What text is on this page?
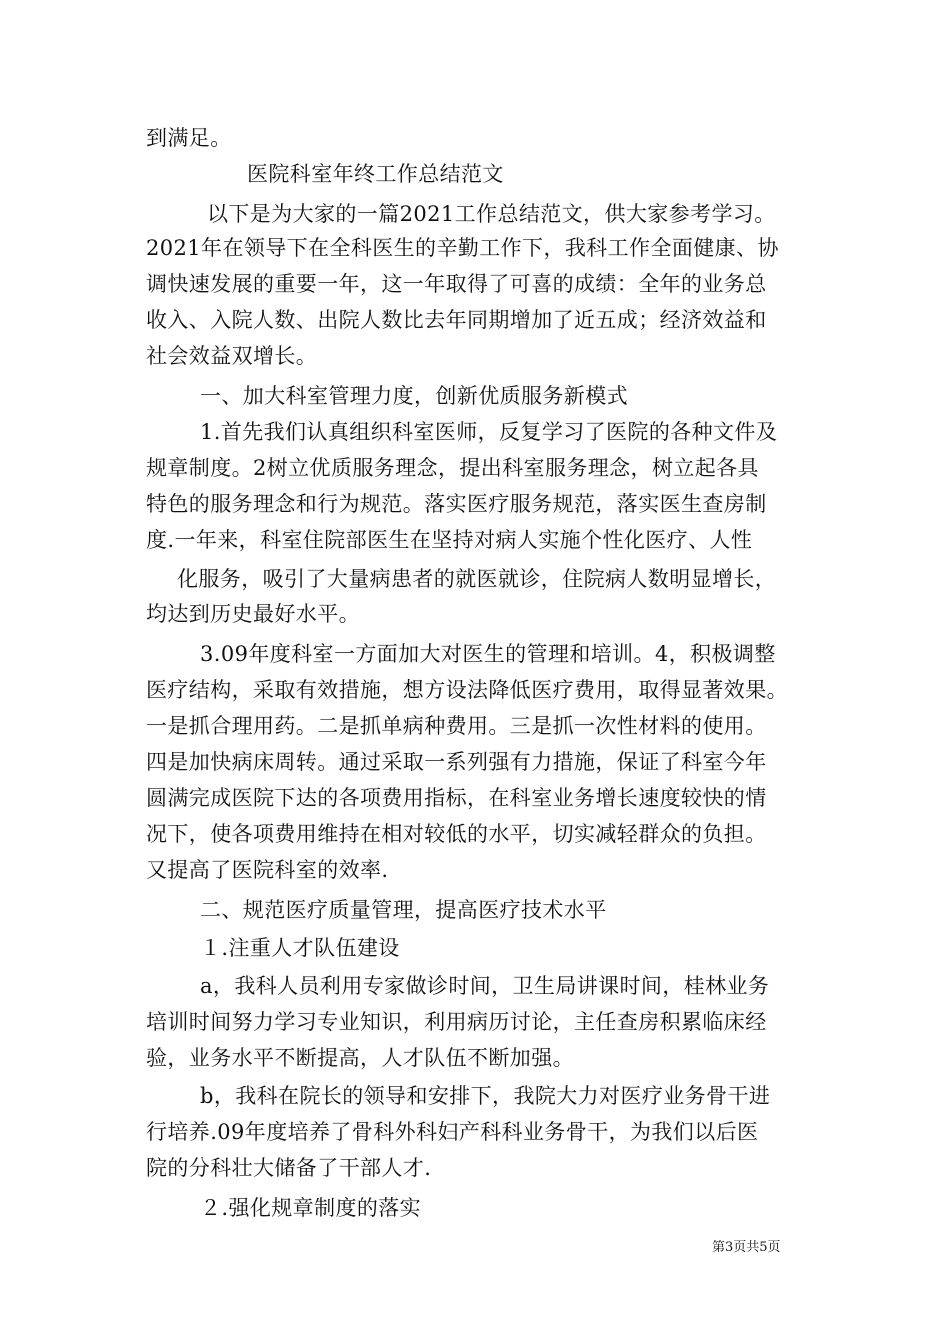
到满足。

医院科室年终工作总结范文

以下是为大家的一篇2021工作总结范文，供大家参考学习。

2021年在领导下在全科医生的辛勤工作下，我科工作全面健康、协

调快速发展的重要一年，这一年取得了可喜的成绩：全年的业务总

收入、入院人数、出院人数比去年同期增加了近五成；经济效益和

社会效益双增长。

一、加大科室管理力度，创新优质服务新模式

1.首先我们认真组织科室医师，反复学习了医院的各种文件及

规章制度。2树立优质服务理念，提出科室服务理念，树立起各具

特色的服务理念和行为规范。落实医疗服务规范，落实医生查房制

度.一年来，科室住院部医生在坚持对病人实施个性化医疗、人性

化服务，吸引了大量病患者的就医就诊，住院病人数明显增长，

均达到历史最好水平。

3.09年度科室一方面加大对医生的管理和培训。4，积极调整

医疗结构，采取有效措施，想方设法降低医疗费用，取得显著效果。

一是抓合理用药。二是抓单病种费用。三是抓一次性材料的使用。

四是加快病床周转。通过采取一系列强有力措施，保证了科室今年

圆满完成医院下达的各项费用指标，在科室业务增长速度较快的情

况下，使各项费用维持在相对较低的水平，切实减轻群众的负担。

又提高了医院科室的效率.

二、规范医疗质量管理，提高医疗技术水平

１.注重人才队伍建设

a，我科人员利用专家做诊时间，卫生局讲课时间，桂林业务

培训时间努力学习专业知识，利用病历讨论，主任查房积累临床经

验，业务水平不断提高，人才队伍不断加强。

b，我科在院长的领导和安排下，我院大力对医疗业务骨干进

行培养.09年度培养了骨科外科妇产科科业务骨干，为我们以后医

院的分科壮大储备了干部人才.

２.强化规章制度的落实

第3页共5页
